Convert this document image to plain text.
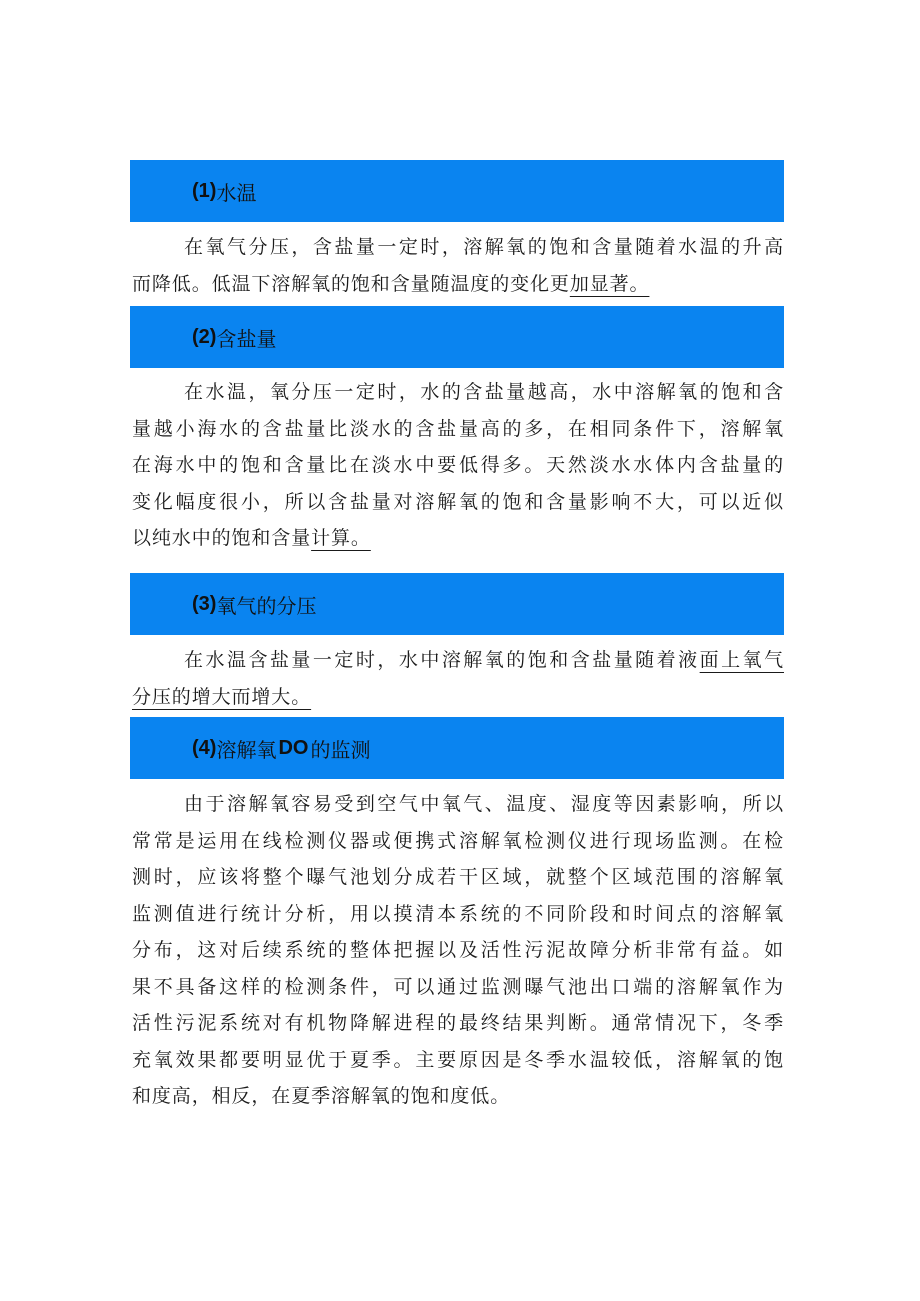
(1) 水温
在氧气分压，含盐量一定时，溶解氧的饱和含量随着水温的升高
而降低。低温下溶解氧的饱和含量随温度的变化更加显著。
(2) 含盐量
在水温，氧分压一定时，水的含盐量越高，水中溶解氧的饱和含
量越小海水的含盐量比淡水的含盐量高的多，在相同条件下，溶解氧
在海水中的饱和含量比在淡水中要低得多。天然淡水水体内含盐量的
变化幅度很小，所以含盐量对溶解氧的饱和含量影响不大，可以近似
以纯水中的饱和含量计算。
(3) 氧气的分压
在水温含盐量一定时，水中溶解氧的饱和含盐量随着液面上氧气
分压的增大而增大。
(4) 溶解氧 DO 的监测
由于溶解氧容易受到空气中氧气、温度、湿度等因素影响，所以
常常是运用在线检测仪器或便携式溶解氧检测仪进行现场监测。在检
测时，应该将整个曝气池划分成若干区域，就整个区域范围的溶解氧
监测值进行统计分析，用以摸清本系统的不同阶段和时间点的溶解氧
分布，这对后续系统的整体把握以及活性污泥故障分析非常有益。如
果不具备这样的检测条件，可以通过监测曝气池出口端的溶解氧作为
活性污泥系统对有机物降解进程的最终结果判断。通常情况下，冬季
充氧效果都要明显优于夏季。主要原因是冬季水温较低，溶解氧的饱
和度高，相反，在夏季溶解氧的饱和度低。
